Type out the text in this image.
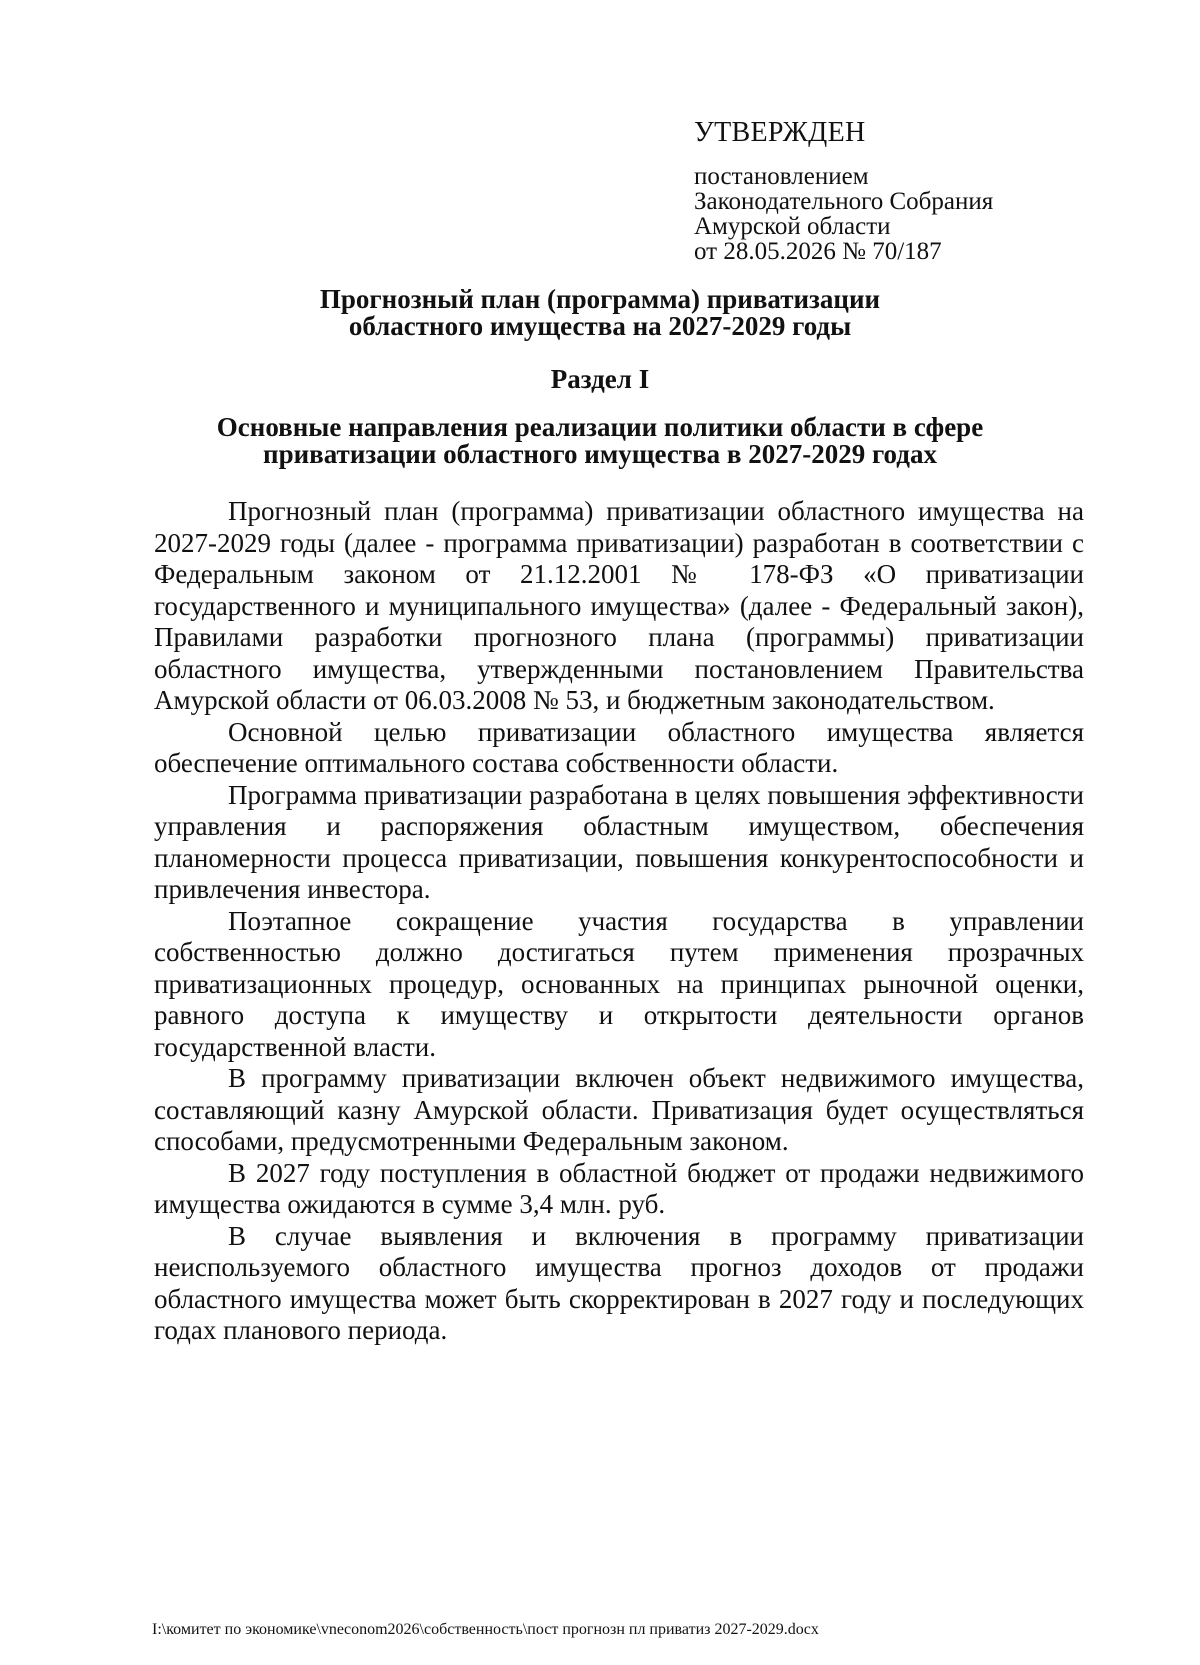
УТВЕРЖДЕН
постановлением
Законодательного Собрания
Амурской области
от 28.05.2026 № 70/187
Прогнозный план (программа) приватизации
областного имущества на 2027-2029 годы
Раздел I
Основные направления реализации политики области в сфере
приватизации областного имущества в 2027-2029 годах

Прогнозный план (программа) приватизации областного имущества на 2027-2029 годы (далее - программа приватизации) разработан в соответствии с Федеральным законом от 21.12.2001 № 178-ФЗ «О приватизации государственного и муниципального имущества» (далее - Федеральный закон), Правилами разработки прогнозного плана (программы) приватизации областного имущества, утвержденными постановлением Правительства Амурской области от 06.03.2008 № 53, и бюджетным законодательством.

Основной целью приватизации областного имущества является обеспечение оптимального состава собственности области.

Программа приватизации разработана в целях повышения эффективности управления и распоряжения областным имуществом, обеспечения планомерности процесса приватизации, повышения конкурентоспособности и привлечения инвестора.

Поэтапное сокращение участия государства в управлении собственностью должно достигаться путем применения прозрачных приватизационных процедур, основанных на принципах рыночной оценки, равного доступа к имуществу и открытости деятельности органов государственной власти.

В программу приватизации включен объект недвижимого имущества, составляющий казну Амурской области. Приватизация будет осуществляться способами, предусмотренными Федеральным законом.

В 2027 году поступления в областной бюджет от продажи недвижимого имущества ожидаются в сумме 3,4 млн. руб.

В случае выявления и включения в программу приватизации неиспользуемого областного имущества прогноз доходов от продажи областного имущества может быть скорректирован в 2027 году и последующих годах планового периода.

I:\комитет по экономике\vneconom2026\собственность\пост прогнозн пл приватиз 2027-2029.docx
